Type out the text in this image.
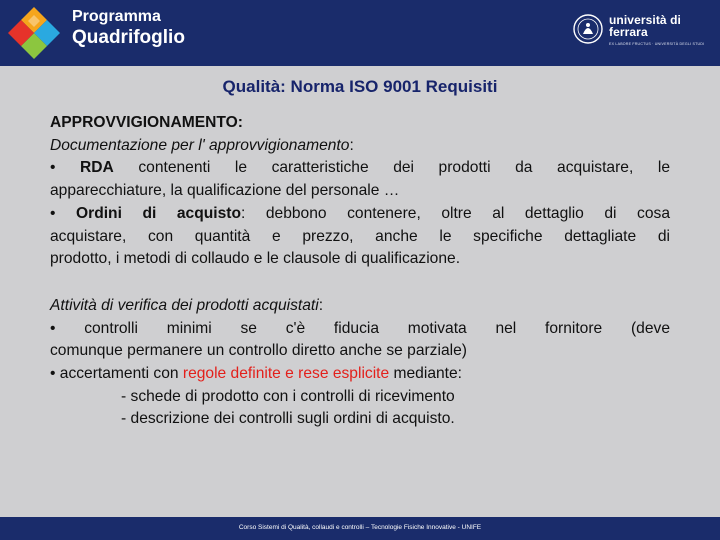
Programma
Quadrifoglio
università di ferrara
EX LABORE FRUCTUS · UNIVERSITÀ DEGLI STUDI
Qualità: Norma ISO 9001 Requisiti
APPROVVIGIONAMENTO:
Documentazione per l' approvvigionamento:
• RDA contenenti le caratteristiche dei prodotti da acquistare, le
apparecchiature, la qualificazione del personale …
• Ordini di acquisto: debbono contenere, oltre al dettaglio di cosa
acquistare, con quantità e prezzo, anche le specifiche dettagliate di
prodotto, i metodi di collaudo e le clausole di qualificazione.
Attività di verifica dei prodotti acquistati:
• controlli minimi se c'è fiducia motivata nel fornitore (deve
comunque permanere un controllo diretto anche se parziale)
• accertamenti con regole definite e rese esplicite mediante:
- schede di prodotto con i controlli di ricevimento
- descrizione dei controlli sugli ordini di acquisto.
Corso Sistemi di Qualità, collaudi e controlli – Tecnologie Fisiche Innovative - UNIFE
